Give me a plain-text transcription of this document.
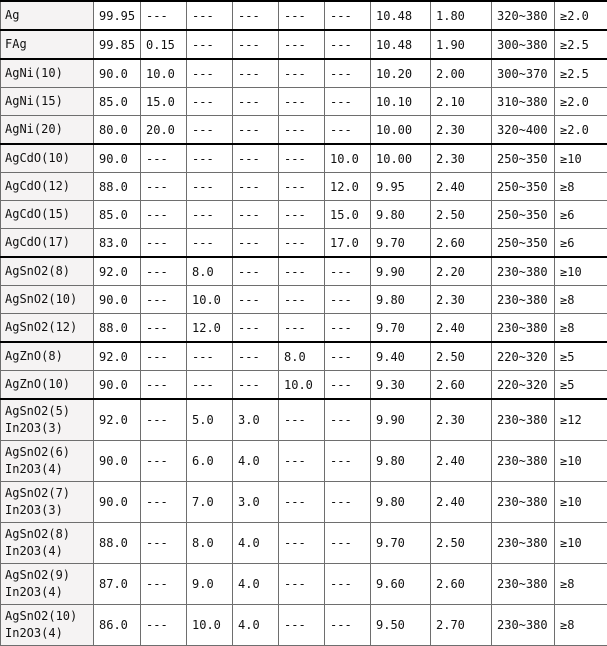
Ag	99.95	---	---	---	---	---	10.48	1.80	320~380	≥2.0

FAg	99.85	0.15	---	---	---	---	10.48	1.90	300~380	≥2.5

AgNi(10)	90.0	10.0	---	---	---	---	10.20	2.00	300~370	≥2.5

AgNi(15)	85.0	15.0	---	---	---	---	10.10	2.10	310~380	≥2.0

AgNi(20)	80.0	20.0	---	---	---	---	10.00	2.30	320~400	≥2.0

AgCdO(10)	90.0	---	---	---	---	10.0	10.00	2.30	250~350	≥10

AgCdO(12)	88.0	---	---	---	---	12.0	9.95	2.40	250~350	≥8

AgCdO(15)	85.0	---	---	---	---	15.0	9.80	2.50	250~350	≥6

AgCdO(17)	83.0	---	---	---	---	17.0	9.70	2.60	250~350	≥6

AgSnO2(8)	92.0	---	8.0	---	---	---	9.90	2.20	230~380	≥10

AgSnO2(10)	90.0	---	10.0	---	---	---	9.80	2.30	230~380	≥8

AgSnO2(12)	88.0	---	12.0	---	---	---	9.70	2.40	230~380	≥8

AgZnO(8)	92.0	---	---	---	8.0	---	9.40	2.50	220~320	≥5

AgZnO(10)	90.0	---	---	---	10.0	---	9.30	2.60	220~320	≥5

AgSnO2(5)
In2O3(3)	92.0	---	5.0	3.0	---	---	9.90	2.30	230~380	≥12

AgSnO2(6)
In2O3(4)	90.0	---	6.0	4.0	---	---	9.80	2.40	230~380	≥10

AgSnO2(7)
In2O3(3)	90.0	---	7.0	3.0	---	---	9.80	2.40	230~380	≥10

AgSnO2(8)
In2O3(4)	88.0	---	8.0	4.0	---	---	9.70	2.50	230~380	≥10

AgSnO2(9)
In2O3(4)	87.0	---	9.0	4.0	---	---	9.60	2.60	230~380	≥8

AgSnO2(10)
In2O3(4)	86.0	---	10.0	4.0	---	---	9.50	2.70	230~380	≥8
